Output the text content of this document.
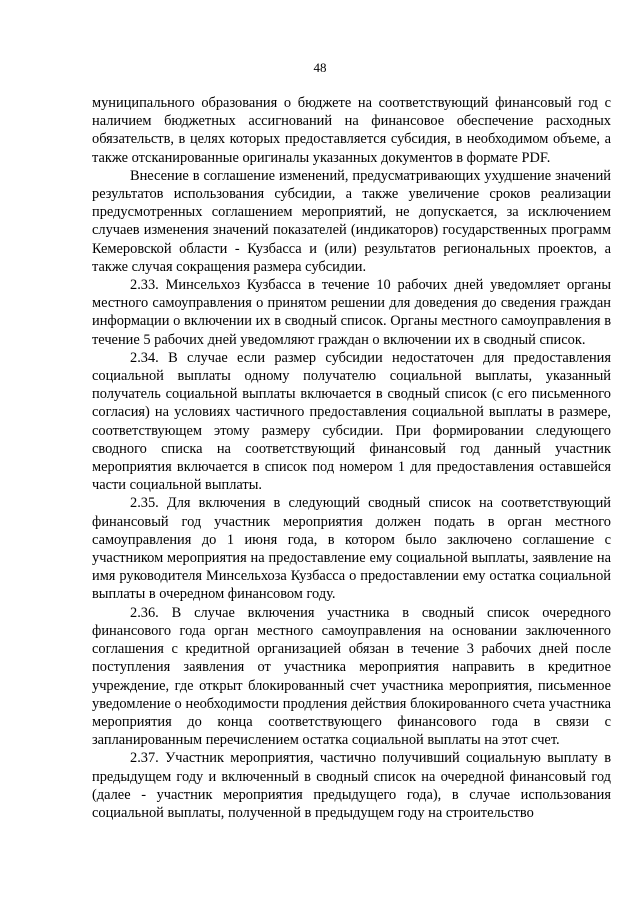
48

муниципального образования о бюджете на соответствующий финансовый год с наличием бюджетных ассигнований на финансовое обеспечение расходных обязательств, в целях которых предоставляется субсидия, в необходимом объеме, а также отсканированные оригиналы указанных документов в формате PDF.

Внесение в соглашение изменений, предусматривающих ухудшение значений результатов использования субсидии, а также увеличение сроков реализации предусмотренных соглашением мероприятий, не допускается, за исключением случаев изменения значений показателей (индикаторов) государственных программ Кемеровской области - Кузбасса и (или) результатов региональных проектов, а также случая сокращения размера субсидии.

2.33. Минсельхоз Кузбасса в течение 10 рабочих дней уведомляет органы местного самоуправления о принятом решении для доведения до сведения граждан информации о включении их в сводный список. Органы местного самоуправления в течение 5 рабочих дней уведомляют граждан о включении их в сводный список.

2.34. В случае если размер субсидии недостаточен для предоставления социальной выплаты одному получателю социальной выплаты, указанный получатель социальной выплаты включается в сводный список (с его письменного согласия) на условиях частичного предоставления социальной выплаты в размере, соответствующем этому размеру субсидии. При формировании следующего сводного списка на соответствующий финансовый год данный участник мероприятия включается в список под номером 1 для предоставления оставшейся части социальной выплаты.

2.35. Для включения в следующий сводный список на соответствующий финансовый год участник мероприятия должен подать в орган местного самоуправления до 1 июня года, в котором было заключено соглашение с участником мероприятия на предоставление ему социальной выплаты, заявление на имя руководителя Минсельхоза Кузбасса о предоставлении ему остатка социальной выплаты в очередном финансовом году.

2.36. В случае включения участника в сводный список очередного финансового года орган местного самоуправления на основании заключенного соглашения с кредитной организацией обязан в течение 3 рабочих дней после поступления заявления от участника мероприятия направить в кредитное учреждение, где открыт блокированный счет участника мероприятия, письменное уведомление о необходимости продления действия блокированного счета участника мероприятия до конца соответствующего финансового года в связи с запланированным перечислением остатка социальной выплаты на этот счет.

2.37. Участник мероприятия, частично получивший социальную выплату в предыдущем году и включенный в сводный список на очередной финансовый год (далее - участник мероприятия предыдущего года), в случае использования социальной выплаты, полученной в предыдущем году на строительство
